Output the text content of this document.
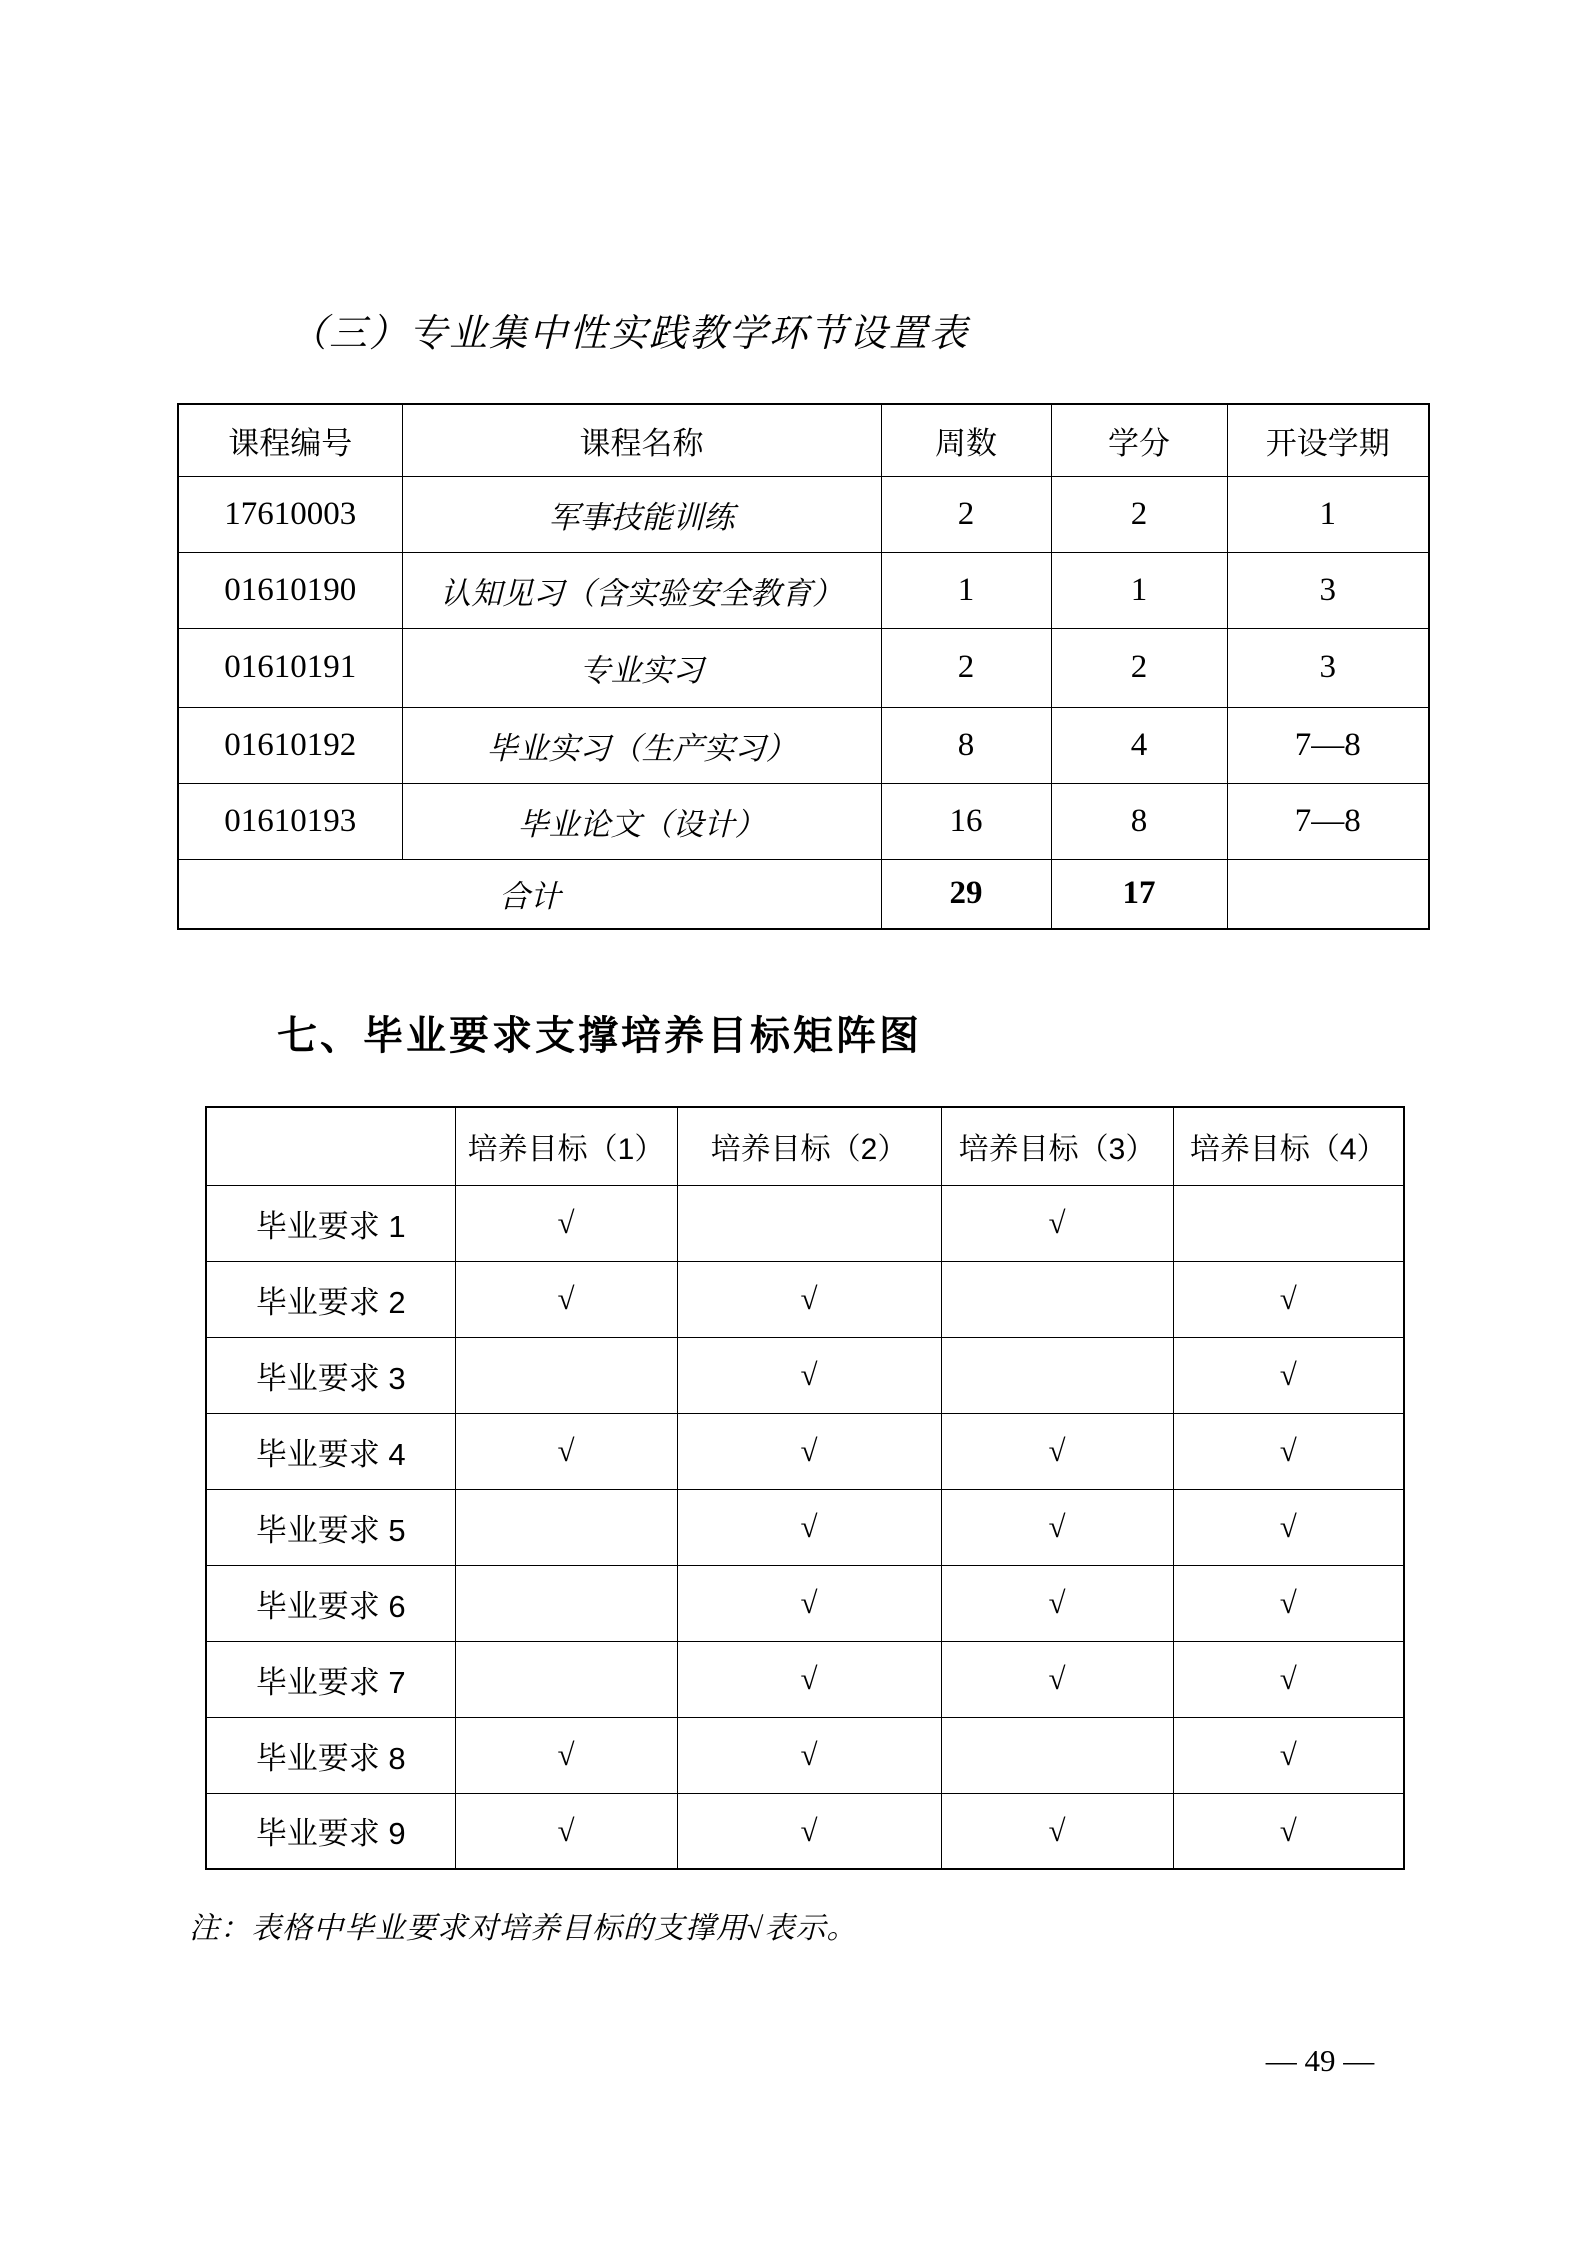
（三）专业集中性实践教学环节设置表
课程编号	课程名称	周数	学分	开设学期
17610003	军事技能训练	2	2	1
01610190	认知见习（含实验安全教育）	1	1	3
01610191	专业实习	2	2	3
01610192	毕业实习（生产实习）	8	4	7—8
01610193	毕业论文（设计）	16	8	7—8
合计		29	17	
七、毕业要求支撑培养目标矩阵图
	培养目标（1）	培养目标（2）	培养目标（3）	培养目标（4）
毕业要求 1	√		√	
毕业要求 2	√	√		√
毕业要求 3		√		√
毕业要求 4	√	√	√	√
毕业要求 5		√	√	√
毕业要求 6		√	√	√
毕业要求 7		√	√	√
毕业要求 8	√	√		√
毕业要求 9	√	√	√	√
注：表格中毕业要求对培养目标的支撑用√表示。
— 49 —
